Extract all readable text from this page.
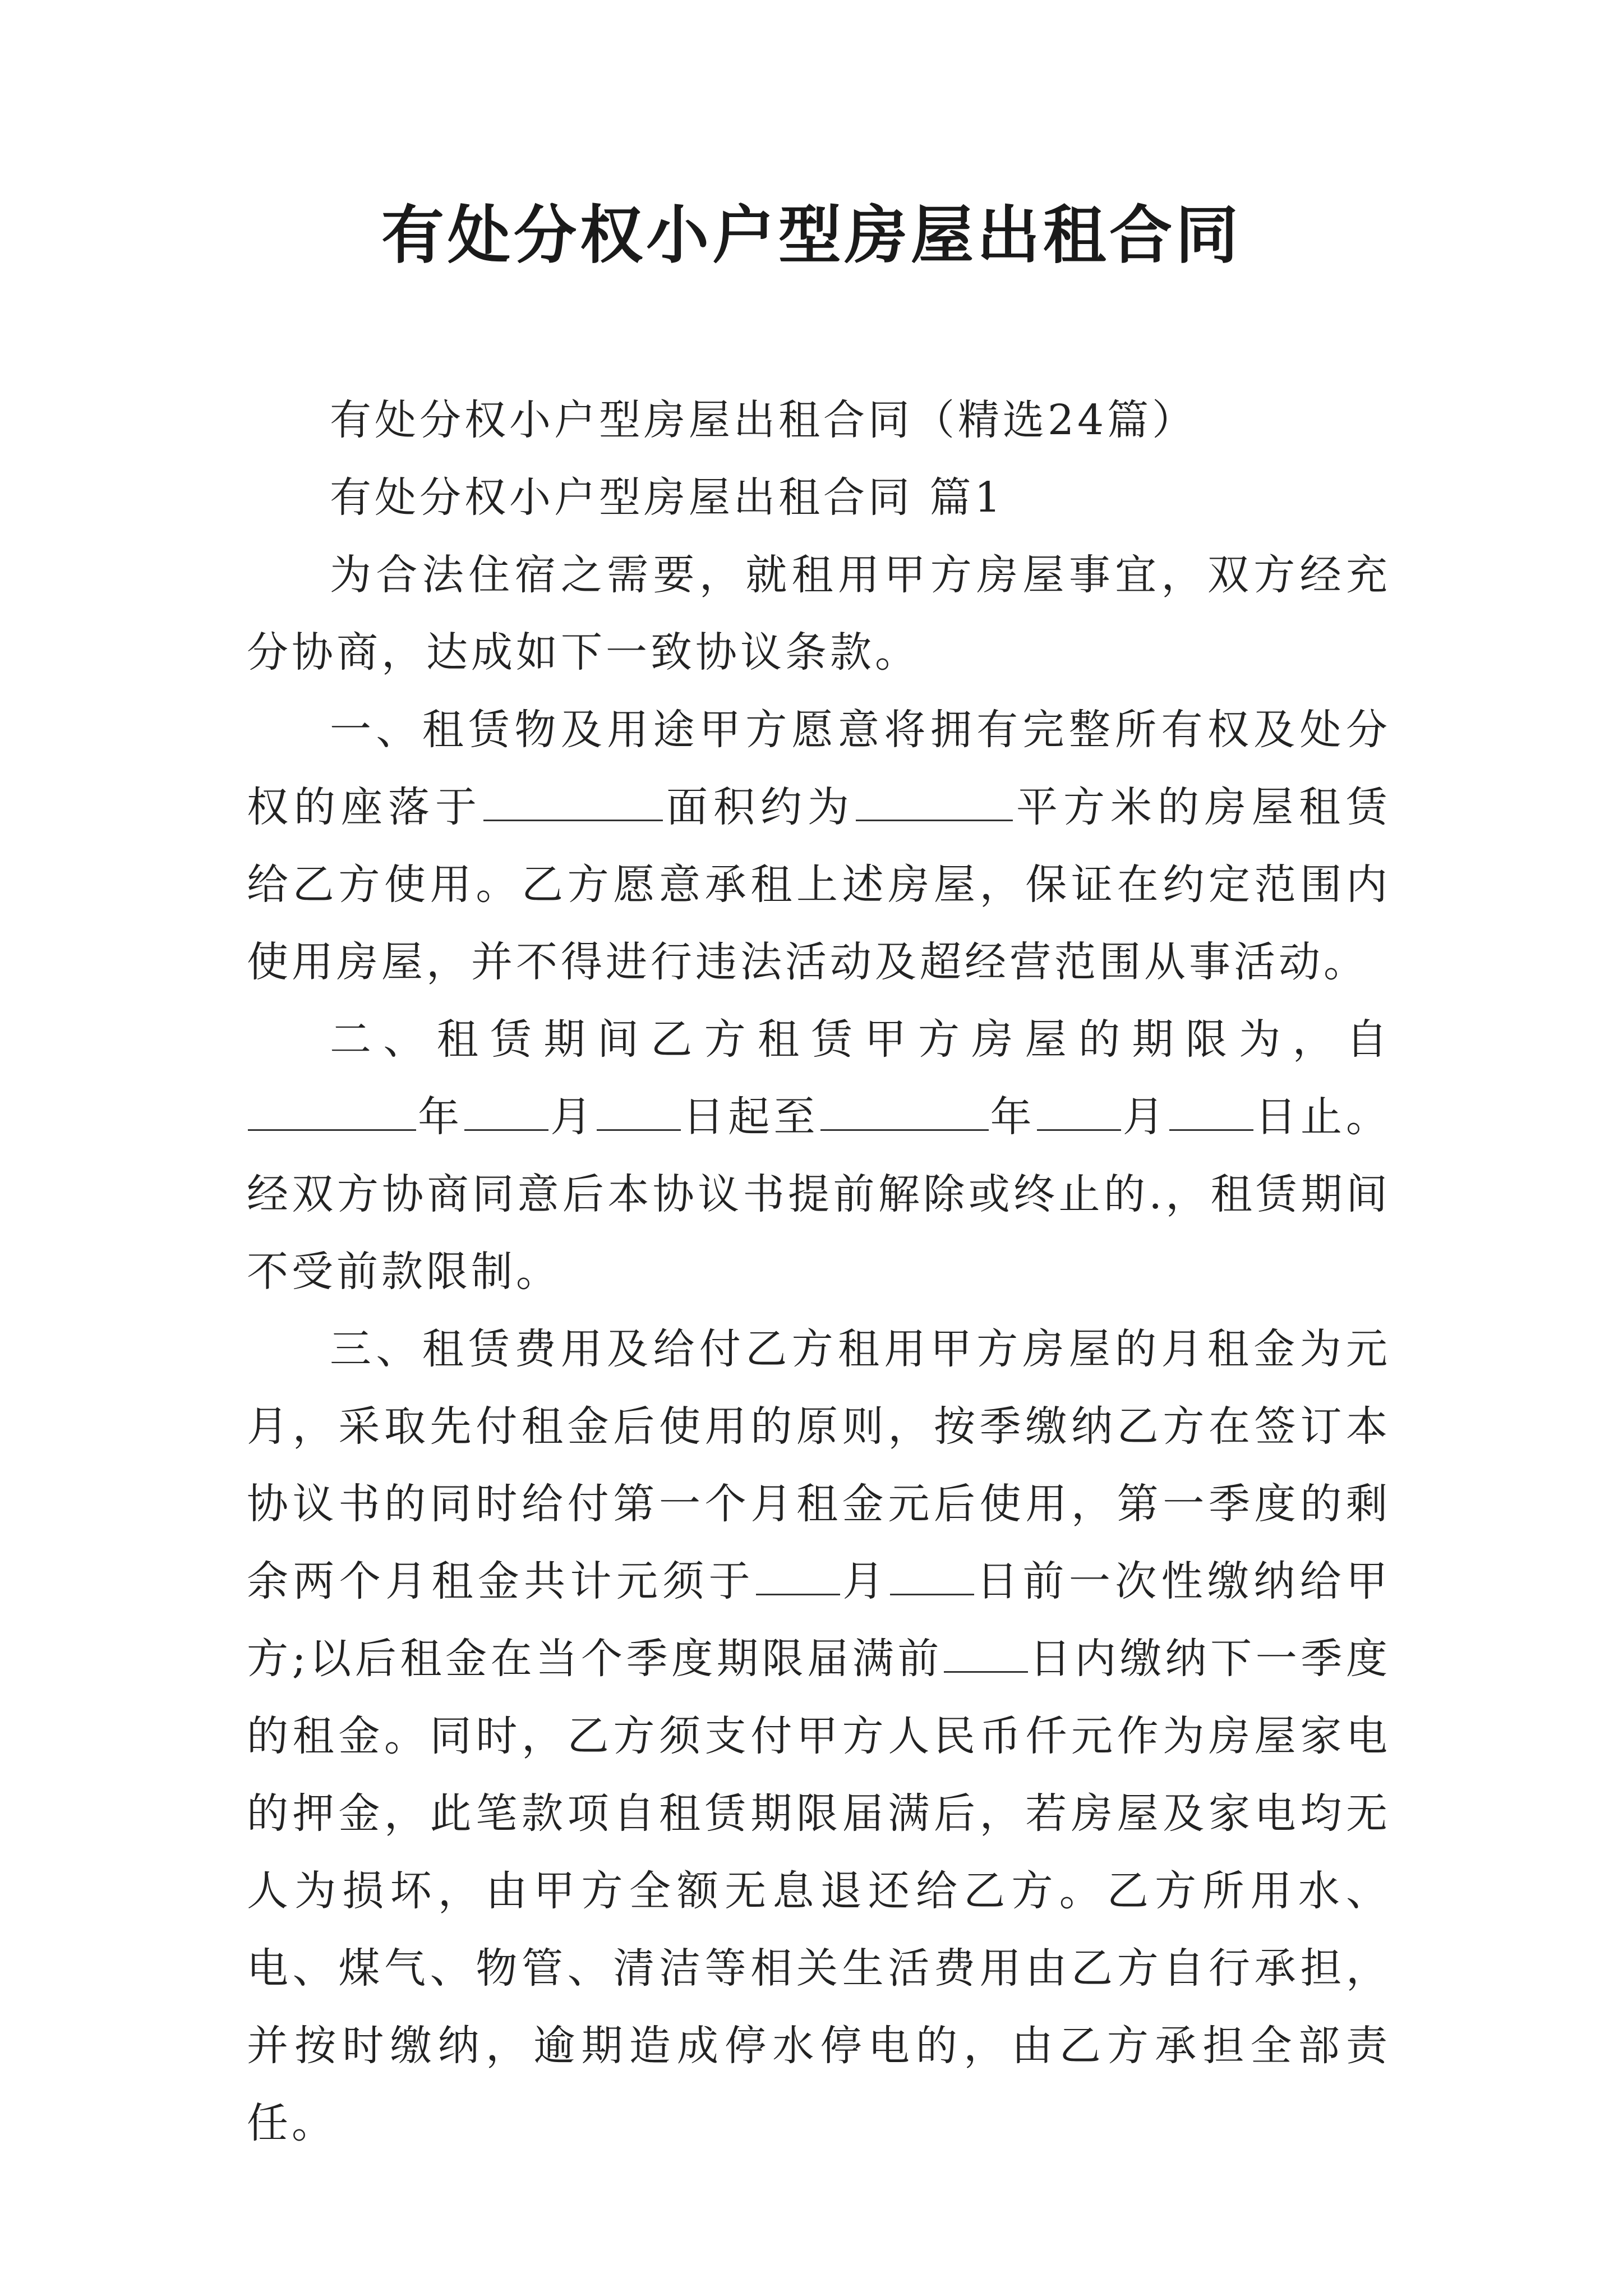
有处分权小户型房屋出租合同

有处分权小户型房屋出租合同（精选24篇）

有处分权小户型房屋出租合同 篇1

为合法住宿之需要，就租用甲方房屋事宜，双方经充分协商，达成如下一致协议条款。

一、租赁物及用途甲方愿意将拥有完整所有权及处分权的座落于	面积约为	平方米的房屋租赁给乙方使用。乙方愿意承租上述房屋，保证在约定范围内使用房屋，并不得进行违法活动及超经营范围从事活动。

二、租赁期间乙方租赁甲方房屋的期限为，自年 月 日起至	年 月 日止。经双方协商同意后本协议书提前解除或终止的.，租赁期间不受前款限制。

三、租赁费用及给付乙方租用甲方房屋的月租金为元月，采取先付租金后使用的原则，按季缴纳乙方在签订本协议书的同时给付第一个月租金元后使用，第一季度的剩余两个月租金共计元须于 月 日前一次性缴纳给甲方;以后租金在当个季度期限届满前 日内缴纳下一季度的租金。同时，乙方须支付甲方人民币仟元作为房屋家电的押金，此笔款项自租赁期限届满后，若房屋及家电均无人为损坏，由甲方全额无息退还给乙方。乙方所用水、电、煤气、物管、清洁等相关生活费用由乙方自行承担，并按时缴纳，逾期造成停水停电的，由乙方承担全部责任。
